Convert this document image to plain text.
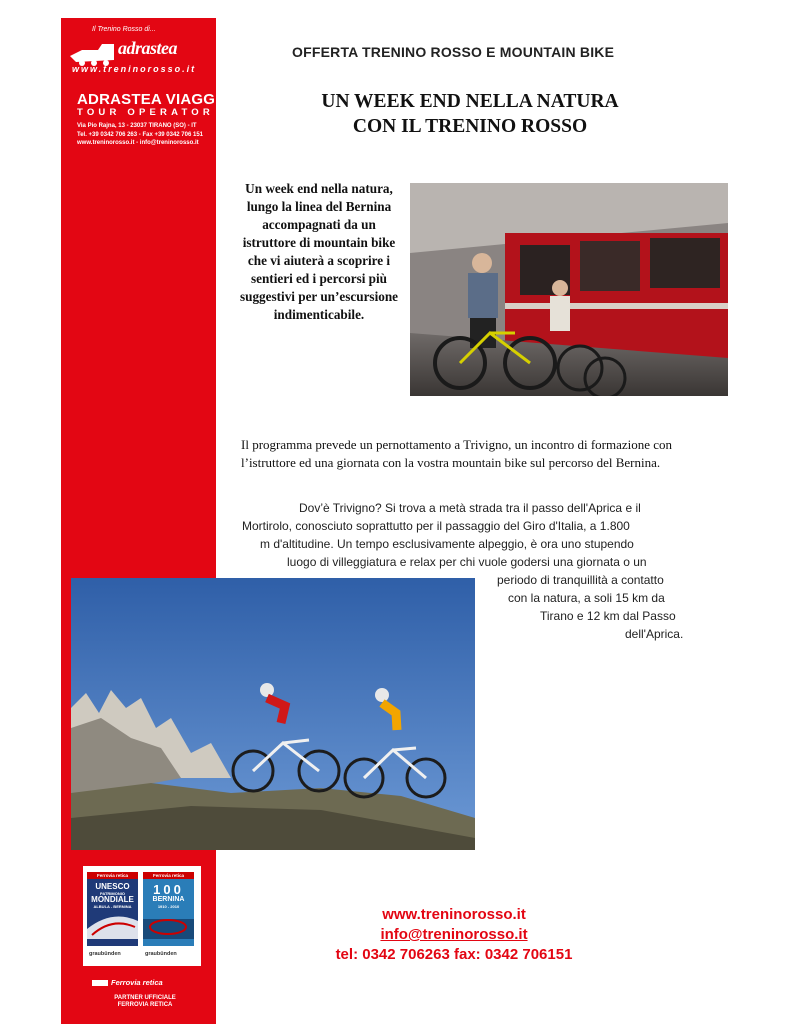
Il Trenino Rosso di...
adrastea
www.treninorosso.it
ADRASTEA VIAGGI
TOUR OPERATOR
Via Pio Rajna, 13 - 23037 TIRANO (SO) - IT
Tel. +39 0342 706 263 - Fax +39 0342 706 151
www.treninorosso.it - info@treninorosso.it
Ferrovia retica
UNESCO
PATRIMONIO
MONDIALE
ALBULA - BERNINA
Ferrovia retica
100
BERNINA
1910 - 2010
graubünden	graubünden
Ferrovia retica
PARTNER UFFICIALE
FERROVIA RETICA
OFFERTA TRENINO ROSSO E MOUNTAIN BIKE
UN WEEK END NELLA NATURA
CON IL TRENINO ROSSO
Un week end nella natura, lungo la linea del Bernina accompagnati da un istruttore di mountain bike che vi aiuterà a scoprire i sentieri ed i percorsi più suggestivi per un’escursione indimenticabile.
Il programma prevede un pernottamento a Trivigno, un incontro di formazione con l’istruttore ed una giornata con la vostra mountain bike sul percorso del Bernina.
Dov’è Trivigno? Si trova a metà strada tra il passo dell'Aprica e il
Mortirolo, conosciuto soprattutto per il passaggio del Giro d'Italia, a 1.800
m d'altitudine. Un tempo esclusivamente alpeggio, è ora uno stupendo
luogo di villeggiatura e relax per chi vuole godersi una giornata o un
periodo di tranquillità a contatto
con la natura, a soli 15 km da
Tirano e 12 km dal Passo
dell'Aprica.
www.treninorosso.it
info@treninorosso.it
tel: 0342 706263 fax: 0342 706151
